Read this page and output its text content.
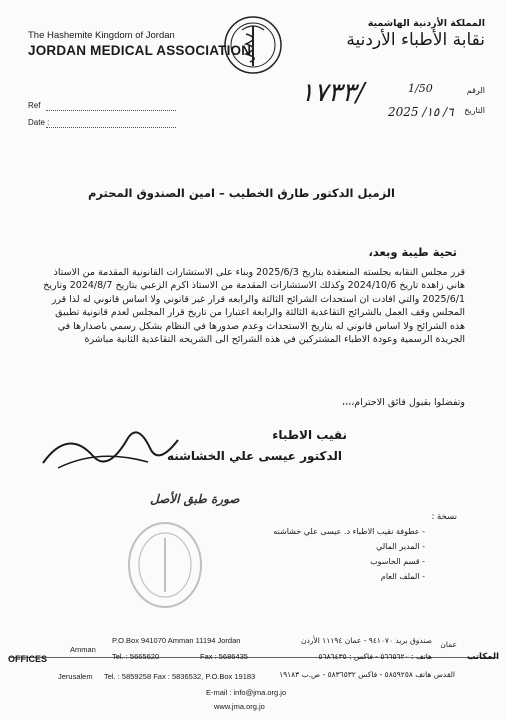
The Hashemite Kingdom of Jordan
JORDAN MEDICAL ASSOCIATION
المملكة الأردنية الهاشمية
نقابة الأطباء الأردنية
Ref
Date :
الرقم
التاريخ
١٧٣٣/	1/50
2025 /٦/ ١٥
الزميل الدكتور طارق الخطيب – امين الصندوق المحترم
تحية طيبة وبعد،
قرر مجلس النقابه بجلسته المنعقدة بتاريخ 2025/6/3 وبناء على الاستشارات القانونية المقدمة من الاستاذ هاني زاهدة تاريخ 2024/10/6 وكذلك الاستشارات المقدمة من الاستاذ اكرم الزعبي بتاريخ 2024/8/7 وتاريخ 2025/6/1 والتي افادت ان استحداث الشرائح الثالثة والرابعه قرار غير قانوني ولا اساس قانوني له لذا قرر المجلس وقف العمل بالشرائح التقاعدية الثالثة والرابعة اعتبارا من تاريخ قرار المجلس لعدم قانونية تطبيق هذه الشرائح ولا اساس قانوني له بتاريخ الاستحداث وعدم صدورها في النظام بشكل رسمي باصدارها في الجريدة الرسمية وعودة الاطباء المشتركين في هذه الشرائح الى الشريحه التقاعدية الثانية مباشرة
وتفضلوا بقبول فائق الاحترام،،،،
نقيب الاطباء
الدكتور عيسى علي الخشاشنه
صورة طبق الأصل
نسخة :
- عطوفة نقيب الاطباء د. عيسى علي خشاشنه
- المدير المالي
- قسم الحاسوب
- الملف العام
OFFICES
Amman
Jerusalem
P.O.Box 941070 Amman 11194 Jordan
Tel. : 5665620	Fax : 5686435
Tel. : 5859258 Fax : 5836532, P.O.Box 19183
E-mail : info@jma.org.jo
www.jma.org.jo
المكاتب
عمان
صندوق بريد ٩٤١٠٧٠ - عمان ١١١٩٤ الأردن
هاتف : ٥٦٦٥٦٢٠ - فاكس : ٥٦٨٦٤٣٥
القدس هاتف ٥٨٥٩٢٥٨ - فاكس ٥٨٣٦٥٣٢ - ص.ب ١٩١٨٣
